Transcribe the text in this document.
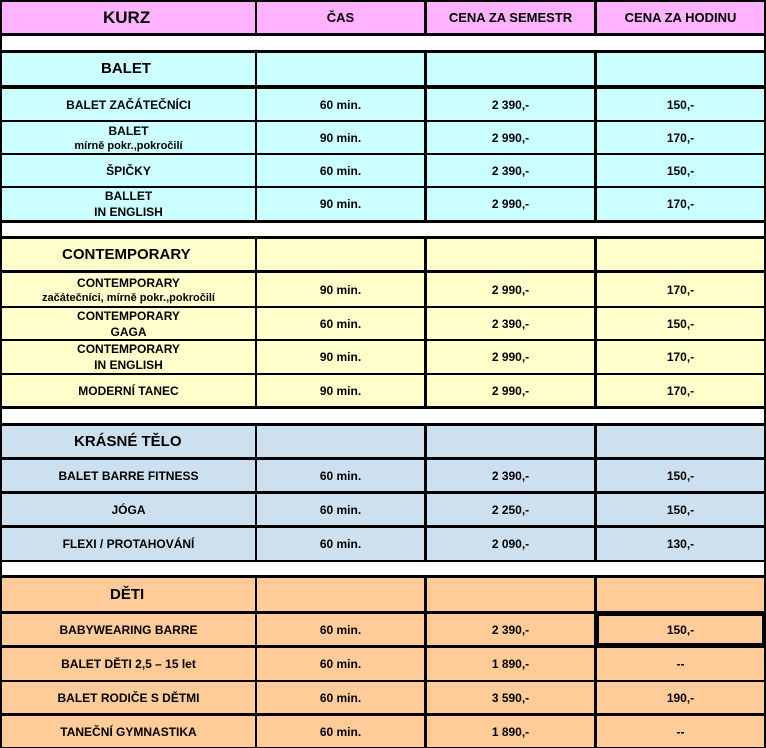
KURZ	ČAS	CENA ZA SEMESTR	CENA ZA HODINU
BALET
BALET ZAČÁTEČNÍCI	60 min.	2 390,-	150,-
BALET
mírně pokr.,pokročilí
90 min.	2 990,-	170,-
ŠPIČKY	60 min.	2 390,-	150,-
BALLET
IN ENGLISH
90 min.	2 990,-	170,-
CONTEMPORARY
CONTEMPORARY
začátečníci, mírně pokr.,pokročilí
90 min.	2 990,-	170,-
CONTEMPORARY
GAGA
60 min.	2 390,-	150,-
CONTEMPORARY
IN ENGLISH
90 min.	2 990,-	170,-
MODERNÍ TANEC	90 min.	2 990,-	170,-
KRÁSNÉ TĚLO
BALET BARRE FITNESS	60 min.	2 390,-	150,-
JÓGA	60 min.	2 250,-	150,-
FLEXI / PROTAHOVÁNÍ	60 min.	2 090,-	130,-
DĚTI
BABYWEARING BARRE	60 min.	2 390,-	150,-
BALET DĚTI 2,5 – 15 let	60 min.	1 890,-	--
BALET RODIČE S DĚTMI	60 min.	3 590,-	190,-
TANEČNÍ GYMNASTIKA	60 min.	1 890,-	--
